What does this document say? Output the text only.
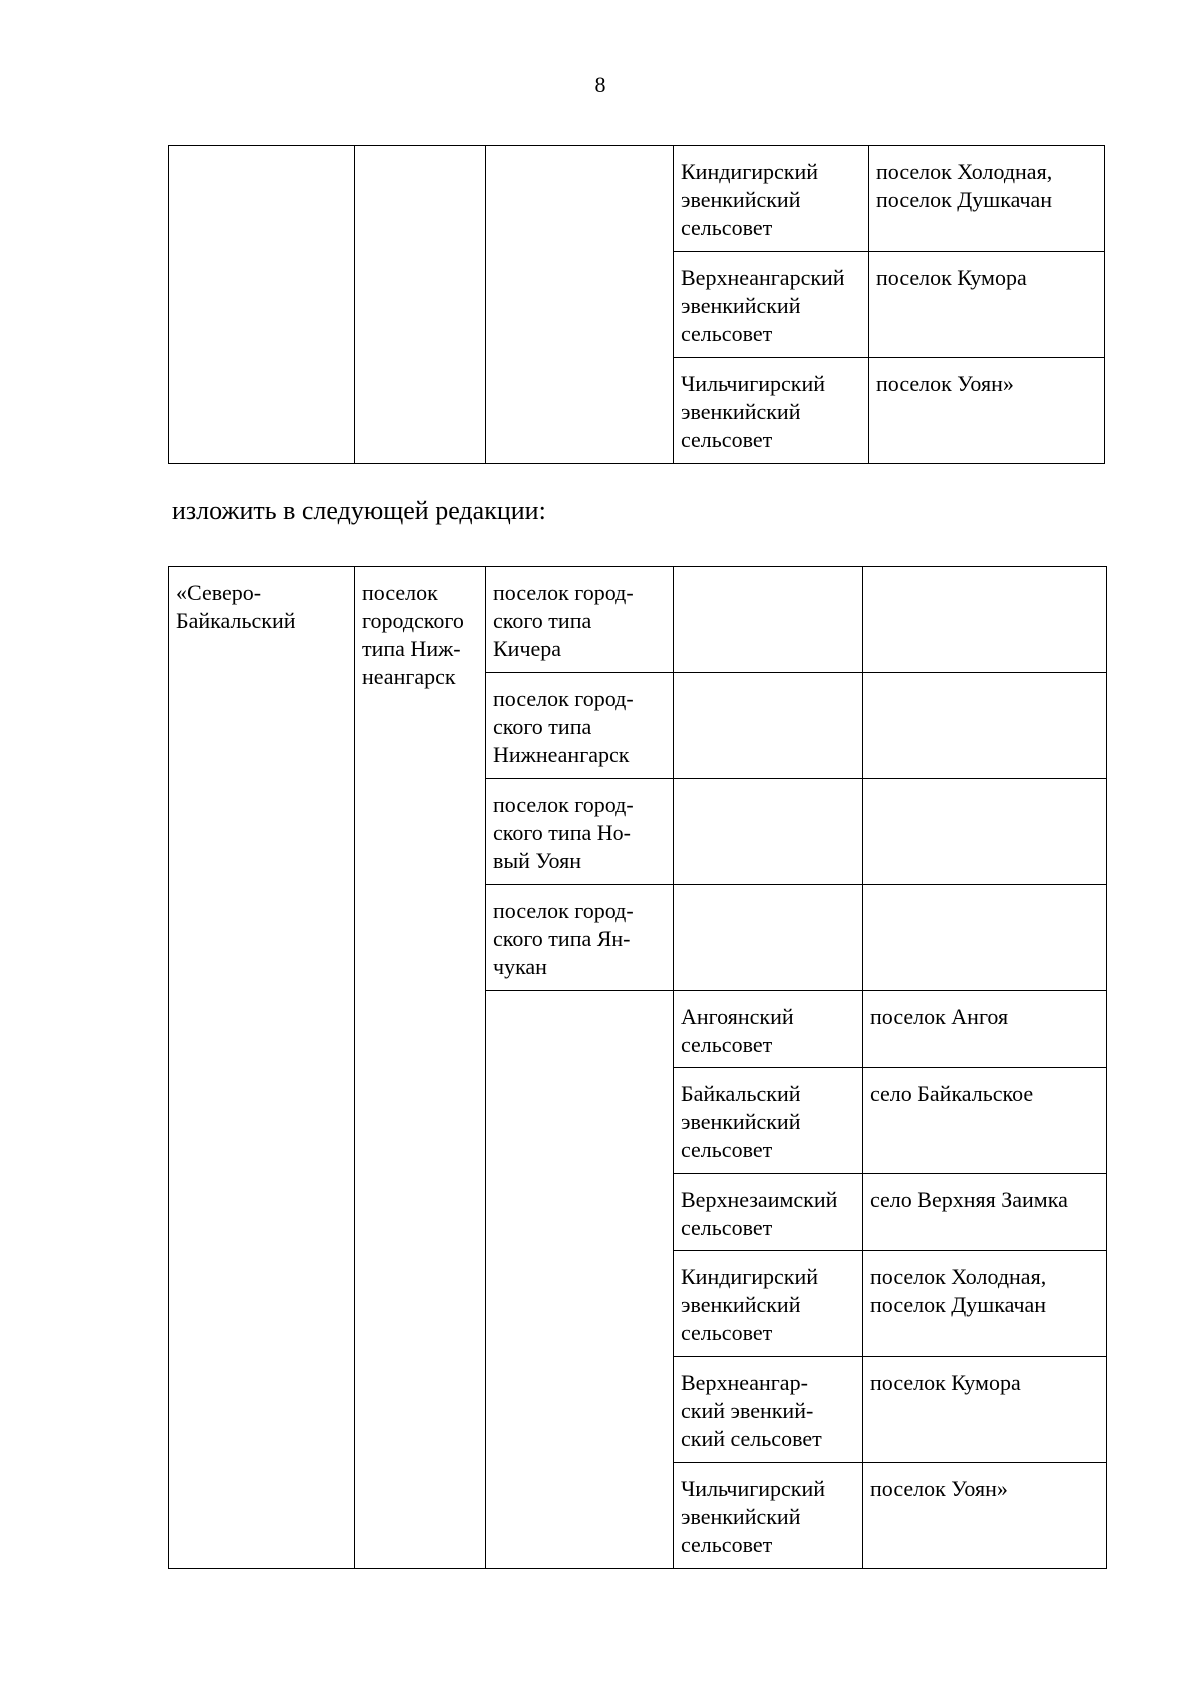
8
			Киндигирский
эвенкийский
сельсовет	поселок Холодная,
поселок Душкачан
			Верхнеангарский
эвенкийский
сельсовет	поселок Кумора
			Чильчигирский
эвенкийский
сельсовет	поселок Уоян»
изложить в следующей редакции:
«Северо-
Байкальский	поселок
городского
типа Ниж-
неангарск	поселок город-
ского типа
Кичера		
		поселок город-
ского типа
Нижнеангарск		
		поселок город-
ского типа Но-
вый Уоян		
		поселок город-
ского типа Ян-
чукан		
			Ангоянский
сельсовет	поселок Ангоя
			Байкальский
эвенкийский
сельсовет	село Байкальское
			Верхнезаимский
сельсовет	село Верхняя Заимка
			Киндигирский
эвенкийский
сельсовет	поселок Холодная,
поселок Душкачан
			Верхнеангар-
ский эвенкий-
ский сельсовет	поселок Кумора
			Чильчигирский
эвенкийский
сельсовет	поселок Уоян»
